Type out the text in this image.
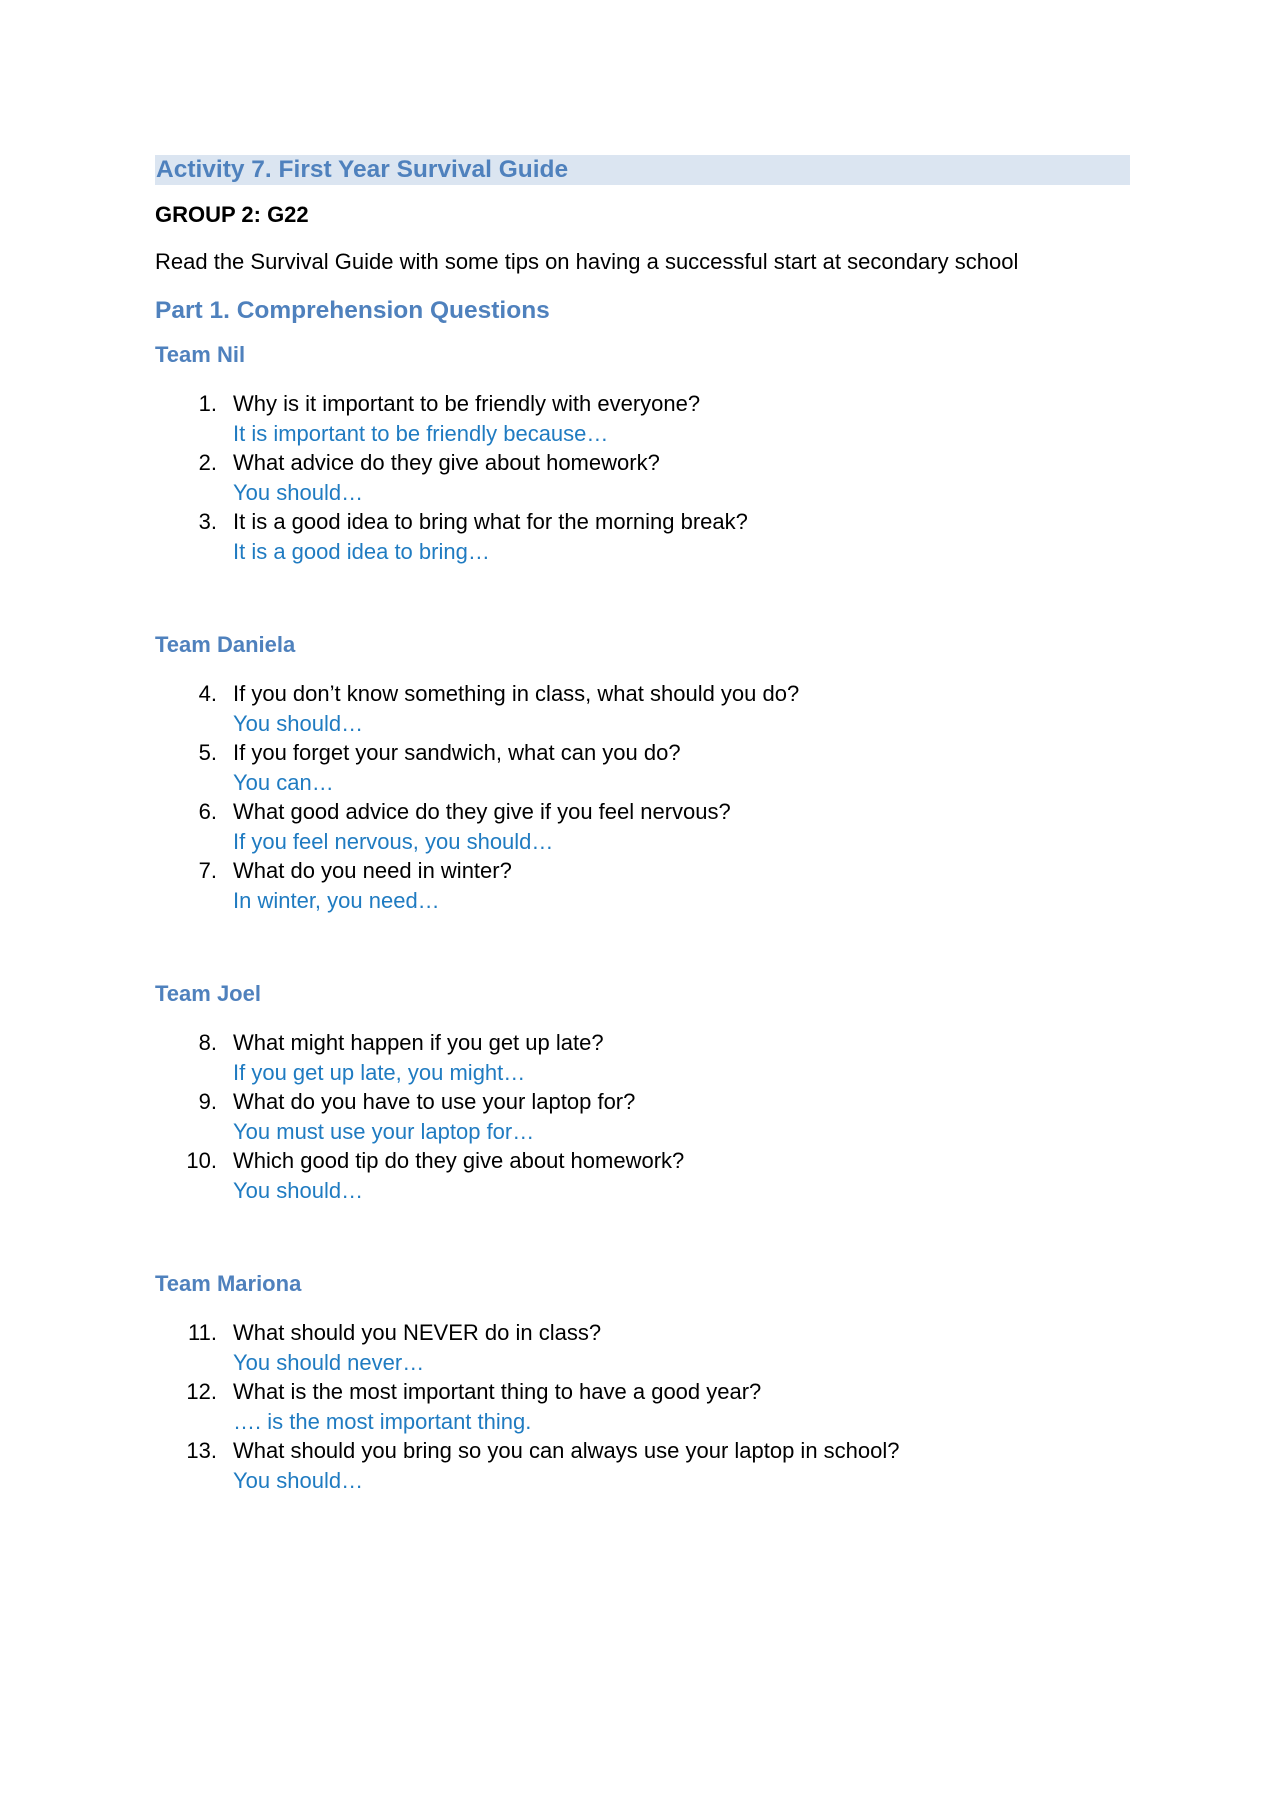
Activity 7. First Year Survival Guide
GROUP 2: G22
Read the Survival Guide with some tips on having a successful start at secondary school
Part 1. Comprehension Questions
Team Nil
1. Why is it important to be friendly with everyone?
It is important to be friendly because…
2. What advice do they give about homework?
You should…
3. It is a good idea to bring what for the morning break?
It is a good idea to bring…
Team Daniela
4. If you don’t know something in class, what should you do?
You should…
5. If you forget your sandwich, what can you do?
You can…
6. What good advice do they give if you feel nervous?
If you feel nervous, you should…
7. What do you need in winter?
In winter, you need…
Team Joel
8. What might happen if you get up late?
If you get up late, you might…
9. What do you have to use your laptop for?
You must use your laptop for…
10. Which good tip do they give about homework?
You should…
Team Mariona
11. What should you NEVER do in class?
You should never…
12. What is the most important thing to have a good year?
…. is the most important thing.
13. What should you bring so you can always use your laptop in school?
You should…
